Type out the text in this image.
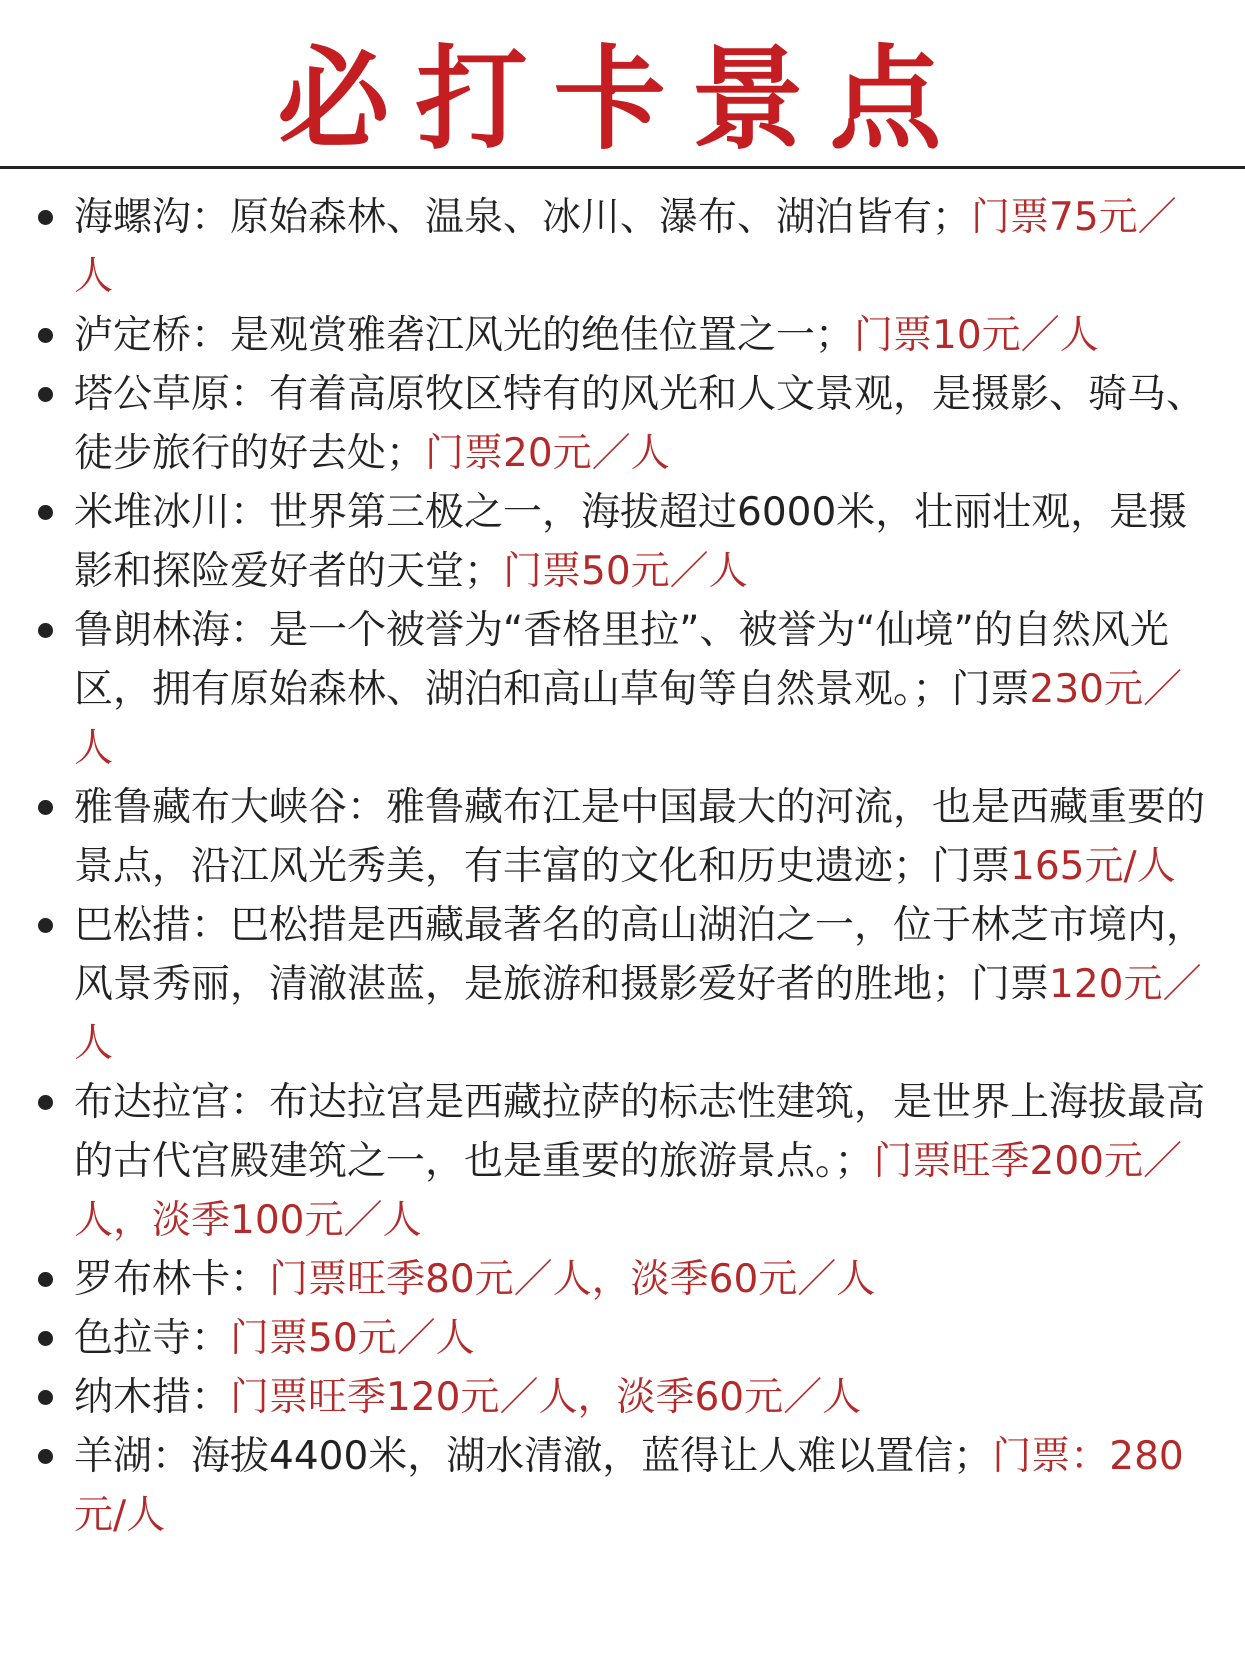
必打卡景点
海螺沟：原始森林、温泉、冰川、瀑布、湖泊皆有；门票75元／人
泸定桥：是观赏雅砻江风光的绝佳位置之一；门票10元／人
塔公草原：有着高原牧区特有的风光和人文景观，是摄影、骑马、徒步旅行的好去处；门票20元／人
米堆冰川：世界第三极之一，海拔超过6000米，壮丽壮观，是摄影和探险爱好者的天堂；门票50元／人
鲁朗林海：是一个被誉为“香格里拉”、被誉为“仙境”的自然风光区，拥有原始森林、湖泊和高山草甸等自然景观。；门票230元／人
雅鲁藏布大峡谷：雅鲁藏布江是中国最大的河流，也是西藏重要的景点，沿江风光秀美，有丰富的文化和历史遗迹；门票165元/人
巴松措：巴松措是西藏最著名的高山湖泊之一，位于林芝市境内，风景秀丽，清澈湛蓝，是旅游和摄影爱好者的胜地；门票120元／人
布达拉宫：布达拉宫是西藏拉萨的标志性建筑，是世界上海拔最高的古代宫殿建筑之一，也是重要的旅游景点。；门票旺季200元／人，淡季100元／人
罗布林卡：门票旺季80元／人，淡季60元／人
色拉寺：门票50元／人
纳木措：门票旺季120元／人，淡季60元／人
羊湖：海拔4400米，湖水清澈，蓝得让人难以置信；门票：280元/人
